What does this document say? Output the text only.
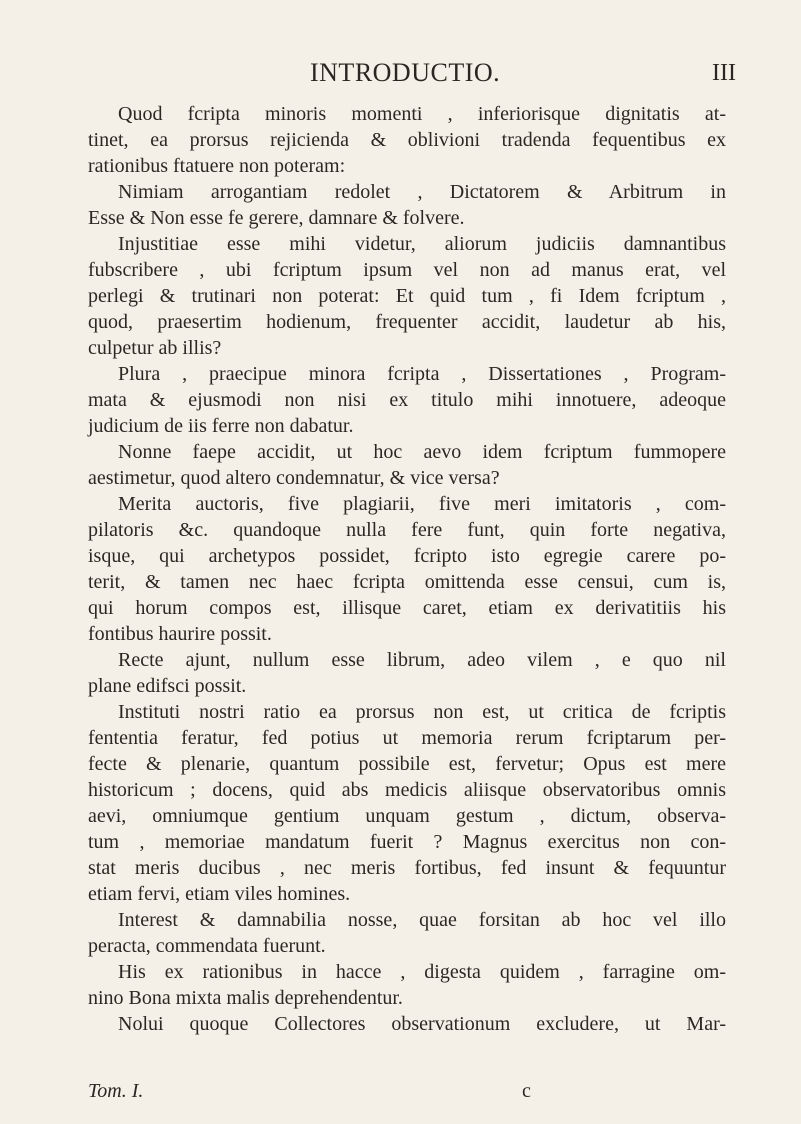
INTRODUCTIO.	III
Quod fcripta minoris momenti , inferiorisque dignitatis at-
tinet, ea prorsus rejicienda & oblivioni tradenda fequentibus ex
rationibus ftatuere non poteram:
Nimiam arrogantiam redolet , Dictatorem & Arbitrum in
Esse & Non esse fe gerere, damnare & folvere.
Injustitiae esse mihi videtur, aliorum judiciis damnantibus
fubscribere , ubi fcriptum ipsum vel non ad manus erat, vel
perlegi & trutinari non poterat: Et quid tum , fi Idem fcriptum ,
quod, praesertim hodienum, frequenter accidit, laudetur ab his,
culpetur ab illis?
Plura , praecipue minora fcripta , Dissertationes , Program-
mata & ejusmodi non nisi ex titulo mihi innotuere, adeoque
judicium de iis ferre non dabatur.
Nonne faepe accidit, ut hoc aevo idem fcriptum fummopere
aestimetur, quod altero condemnatur, & vice versa?
Merita auctoris, five plagiarii, five meri imitatoris , com-
pilatoris &c. quandoque nulla fere funt, quin forte negativa,
isque, qui archetypos possidet, fcripto isto egregie carere po-
terit, & tamen nec haec fcripta omittenda esse censui, cum is,
qui horum compos est, illisque caret, etiam ex derivatitiis his
fontibus haurire possit.
Recte ajunt, nullum esse librum, adeo vilem , e quo nil
plane edifsci possit.
Instituti nostri ratio ea prorsus non est, ut critica de fcriptis
fententia feratur, fed potius ut memoria rerum fcriptarum per-
fecte & plenarie, quantum possibile est, fervetur; Opus est mere
historicum ; docens, quid abs medicis aliisque observatoribus omnis
aevi, omniumque gentium unquam gestum , dictum, observa-
tum , memoriae mandatum fuerit ? Magnus exercitus non con-
stat meris ducibus , nec meris fortibus, fed insunt & fequuntur
etiam fervi, etiam viles homines.
Interest & damnabilia nosse, quae forsitan ab hoc vel illo
peracta, commendata fuerunt.
His ex rationibus in hacce , digesta quidem , farragine om-
nino Bona mixta malis deprehendentur.
Nolui quoque Collectores observationum excludere, ut Mar-
Tom. I.	c
